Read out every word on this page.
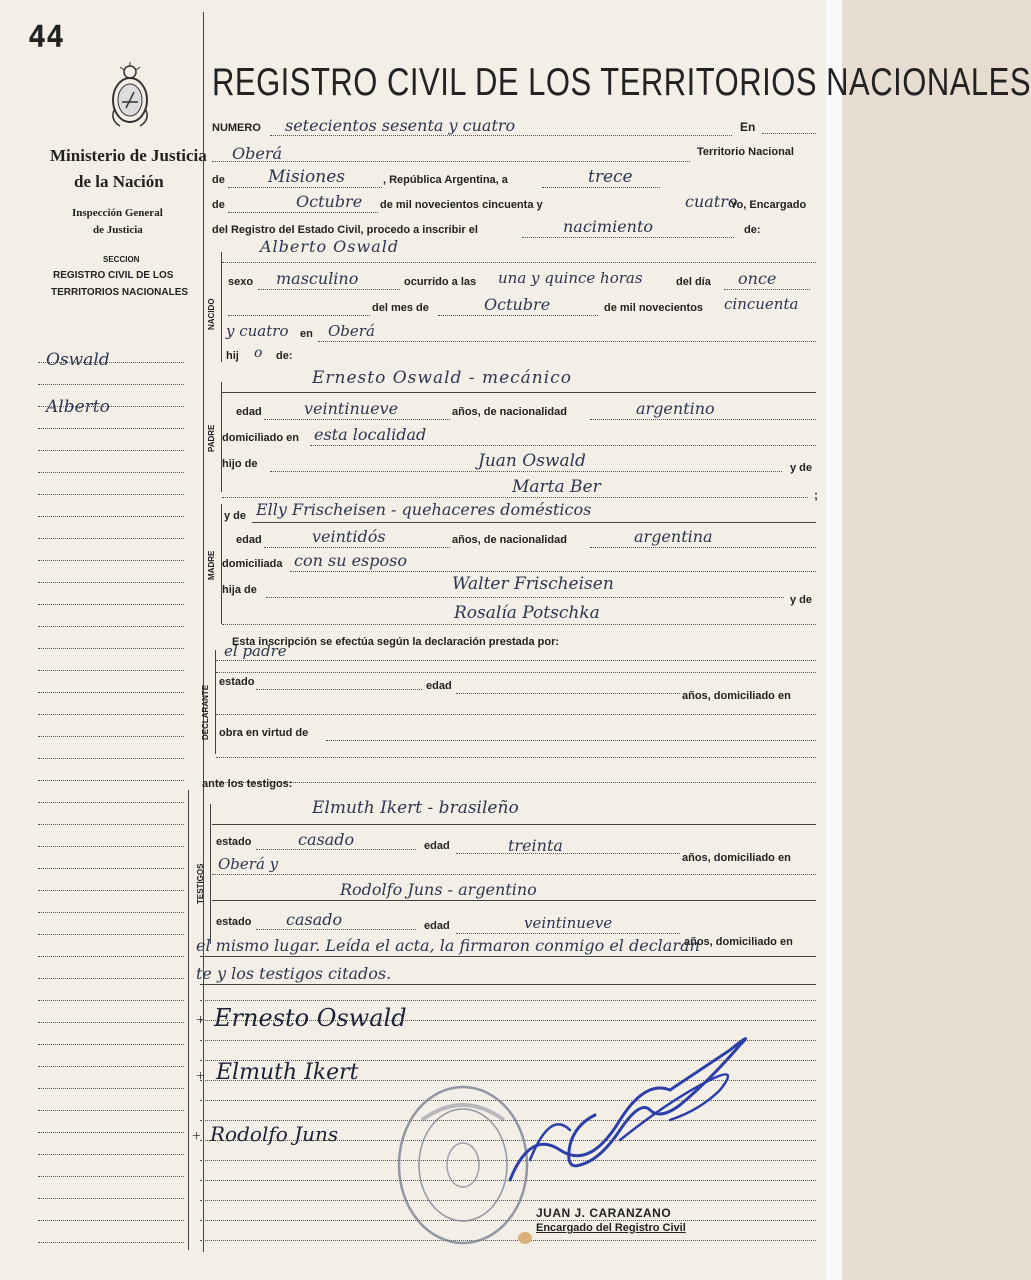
44
Ministerio de Justicia
de la Nación
Inspección General
de Justicia
SECCION
REGISTRO CIVIL DE LOS
TERRITORIOS NACIONALES
Oswald
Alberto
REGISTRO CIVIL DE LOS TERRITORIOS NACIONALES
NUMERO setecientos sesenta y cuatro	En
Oberá	Territorio Nacional
de	Misiones	, República Argentina, a	trece
de	Octubre de mil novecientos cincuenta y	cuatro
Yo, Encargado
del Registro del Estado Civil, procedo a inscribir el	nacimiento	de:
NACIDO
Alberto Oswald
sexo masculino	ocurrido a las una y quince horas	del día once
del mes de	Octubre	de mil novecientos cincuenta
y cuatro en Oberá
hij o de:
PADRE
Ernesto Oswald - mecánico
edad	veintinueve	años, de nacionalidad	argentino
domiciliado en esta localidad
hijo de	Juan Oswald	y de
Marta Ber	;
MADRE
y de Elly Frischeisen - quehaceres domésticos
edad	veintidós	años, de nacionalidad	argentina
domiciliada con su esposo
hija de	Walter Frischeisen
y de
Rosalía Potschka
Esta inscripción se efectúa según la declaración prestada por:
DECLARANTE
el padre
estado	edad
años, domiciliado en
obra en virtud de
ante los testigos:
TESTIGOS
Elmuth Ikert - brasileño
estado	casado	edad	treinta
años, domiciliado en
Oberá y
Rodolfo Juns - argentino
estado casado	edad	veintinueve
años, domiciliado en
el mismo lugar. Leída el acta, la firmaron conmigo el declaran
te y los testigos citados.
+ Ernesto Oswald
+ Elmuth Ikert
+ Rodolfo Juns
JUAN J. CARANZANO
Encargado del Registro Civil
